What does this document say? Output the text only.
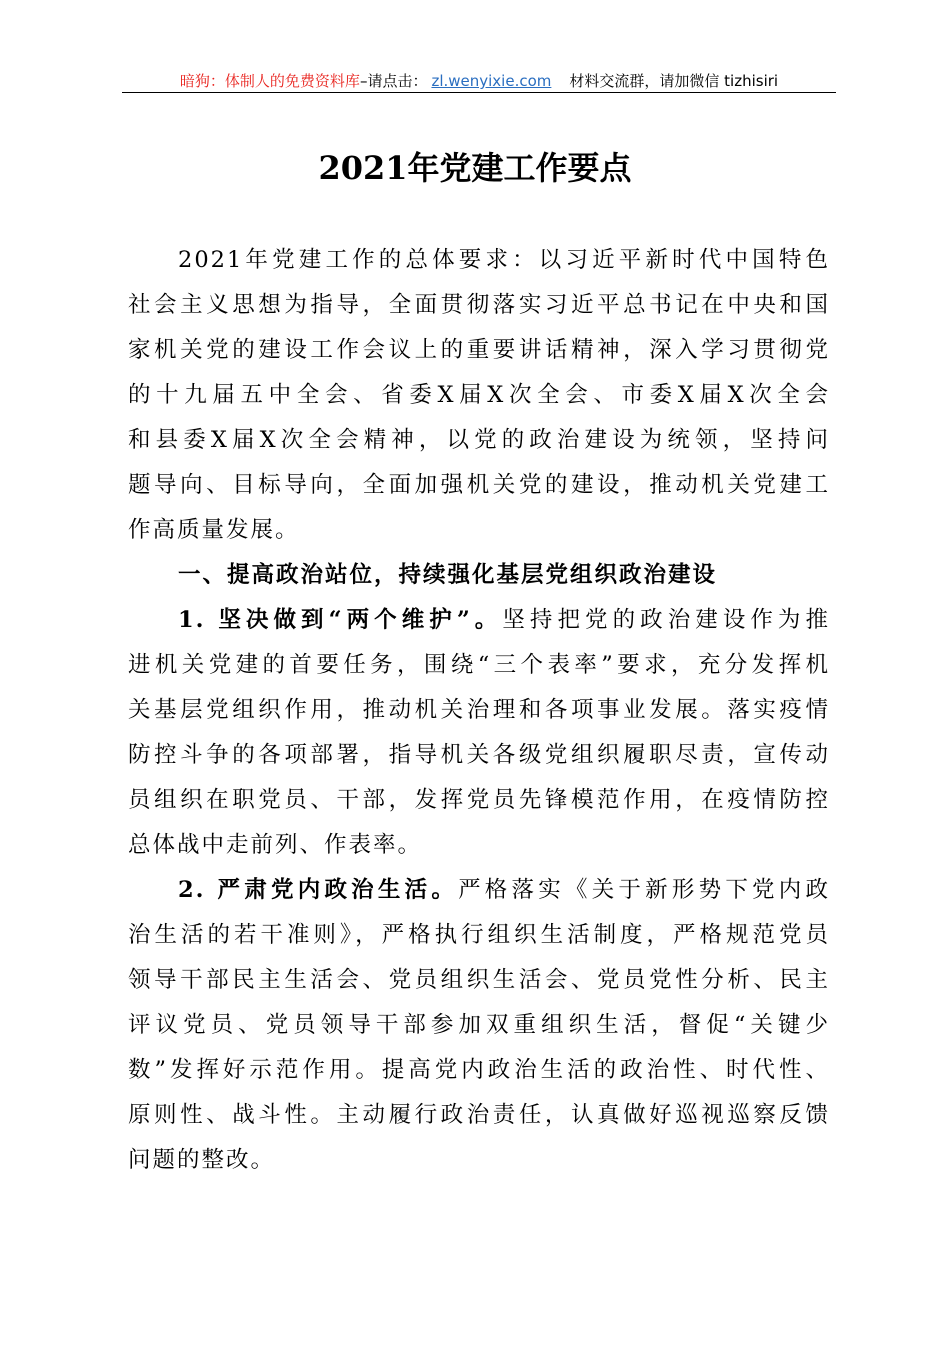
暗狗：体制人的免费资料库–请点击： zl.wenyixie.com 材料交流群，请加微信 tizhisiri
2021年党建工作要点
2021年党建工作的总体要求：以习近平新时代中国特色
社会主义思想为指导，全面贯彻落实习近平总书记在中央和国
家机关党的建设工作会议上的重要讲话精神，深入学习贯彻党
的十九届五中全会、省委X届X次全会、市委X届X次全会
和县委X届X次全会精神，以党的政治建设为统领，坚持问
题导向、目标导向，全面加强机关党的建设，推动机关党建工
作高质量发展。
一、提高政治站位，持续强化基层党组织政治建设
1. 坚决做到“两个维护”。坚持把党的政治建设作为推
进机关党建的首要任务，围绕“三个表率”要求，充分发挥机
关基层党组织作用，推动机关治理和各项事业发展。落实疫情
防控斗争的各项部署，指导机关各级党组织履职尽责，宣传动
员组织在职党员、干部，发挥党员先锋模范作用，在疫情防控
总体战中走前列、作表率。
2. 严肃党内政治生活。严格落实《关于新形势下党内政
治生活的若干准则》，严格执行组织生活制度，严格规范党员
领导干部民主生活会、党员组织生活会、党员党性分析、民主
评议党员、党员领导干部参加双重组织生活，督促“关键少
数”发挥好示范作用。提高党内政治生活的政治性、时代性、
原则性、战斗性。主动履行政治责任，认真做好巡视巡察反馈
问题的整改。
